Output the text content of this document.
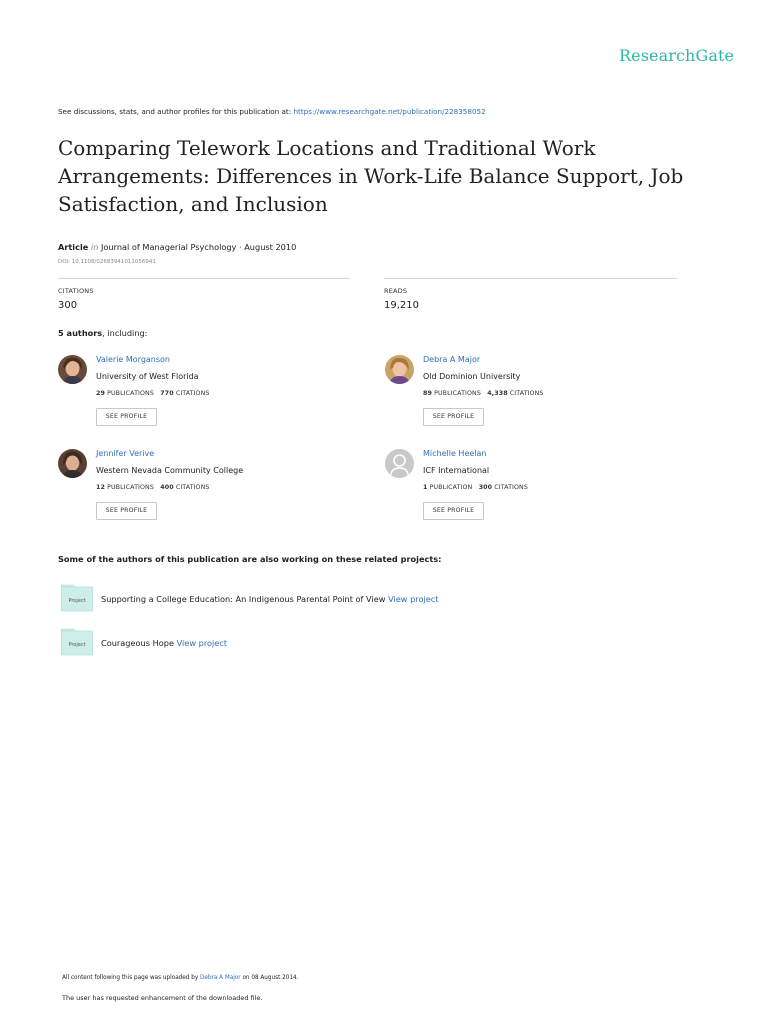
ResearchGate
See discussions, stats, and author profiles for this publication at: https://www.researchgate.net/publication/228358052
Comparing Telework Locations and Traditional Work Arrangements: Differences in Work-Life Balance Support, Job Satisfaction, and Inclusion
Article in Journal of Managerial Psychology · August 2010
DOI: 10.1108/02683941011056941
CITATIONS
300
READS
19,210
5 authors, including:
Valerie Morganson
University of West Florida
29 PUBLICATIONS 770 CITATIONS
SEE PROFILE
Debra A Major
Old Dominion University
89 PUBLICATIONS 4,338 CITATIONS
SEE PROFILE
Jennifer Verive
Western Nevada Community College
12 PUBLICATIONS 400 CITATIONS
SEE PROFILE
Michelle Heelan
ICF International
1 PUBLICATION 300 CITATIONS
SEE PROFILE
Some of the authors of this publication are also working on these related projects:
Project Supporting a College Education: An Indigenous Parental Point of View View project
Project Courageous Hope View project
All content following this page was uploaded by Debra A Major on 08 August 2014.
The user has requested enhancement of the downloaded file.
